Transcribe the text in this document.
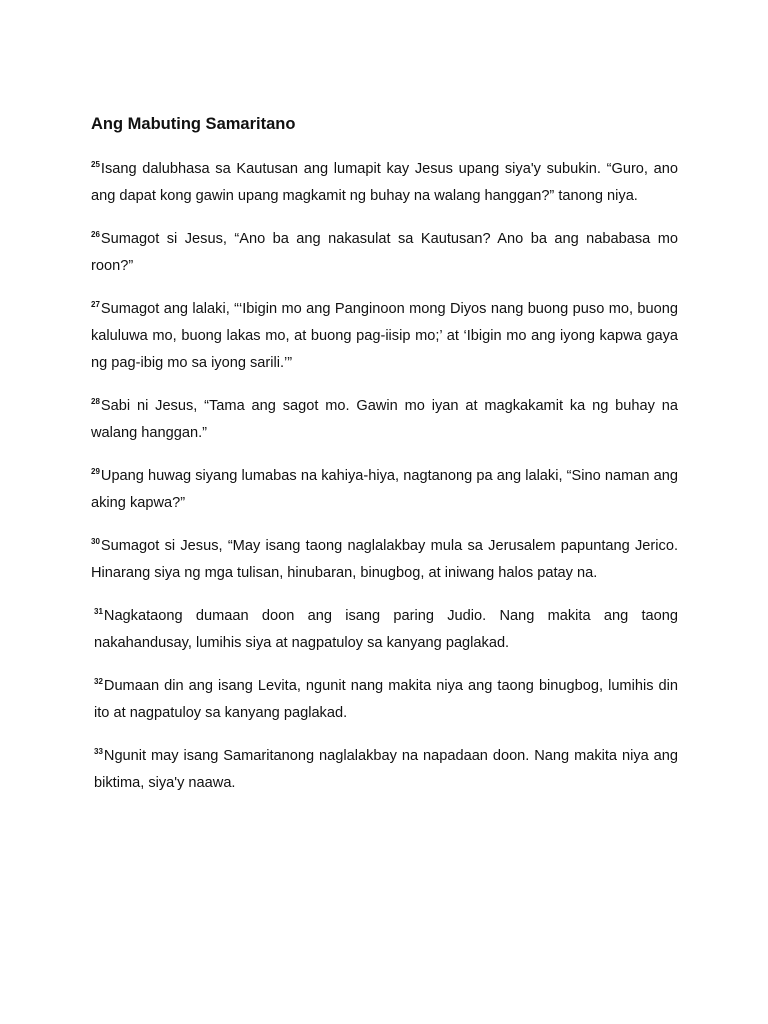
Ang Mabuting Samaritano

$^{25}$Isang dalubhasa sa Kautusan ang lumapit kay Jesus upang siya'y subukin. “Guro, ano ang dapat kong gawin upang magkamit ng buhay na walang hanggan?” tanong niya.

$^{26}$Sumagot si Jesus, “Ano ba ang nakasulat sa Kautusan? Ano ba ang nababasa mo roon?”

$^{27}$Sumagot ang lalaki, “‘Ibigin mo ang Panginoon mong Diyos nang buong puso mo, buong kaluluwa mo, buong lakas mo, at buong pag-iisip mo;’ at ‘Ibigin mo ang iyong kapwa gaya ng pag-ibig mo sa iyong sarili.’”

$^{28}$Sabi ni Jesus, “Tama ang sagot mo. Gawin mo iyan at magkakamit ka ng buhay na walang hanggan.”

$^{29}$Upang huwag siyang lumabas na kahiya-hiya, nagtanong pa ang lalaki, “Sino naman ang aking kapwa?”

$^{30}$Sumagot si Jesus, “May isang taong naglalakbay mula sa Jerusalem papuntang Jerico. Hinarang siya ng mga tulisan, hinubaran, binugbog, at iniwang halos patay na.

$^{31}$Nagkataong dumaan doon ang isang paring Judio. Nang makita ang taong nakahandusay, lumihis siya at nagpatuloy sa kanyang paglakad.

$^{32}$Dumaan din ang isang Levita, ngunit nang makita niya ang taong binugbog, lumihis din ito at nagpatuloy sa kanyang paglakad.

$^{33}$Ngunit may isang Samaritanong naglalakbay na napadaan doon. Nang makita niya ang biktima, siya'y naawa.
